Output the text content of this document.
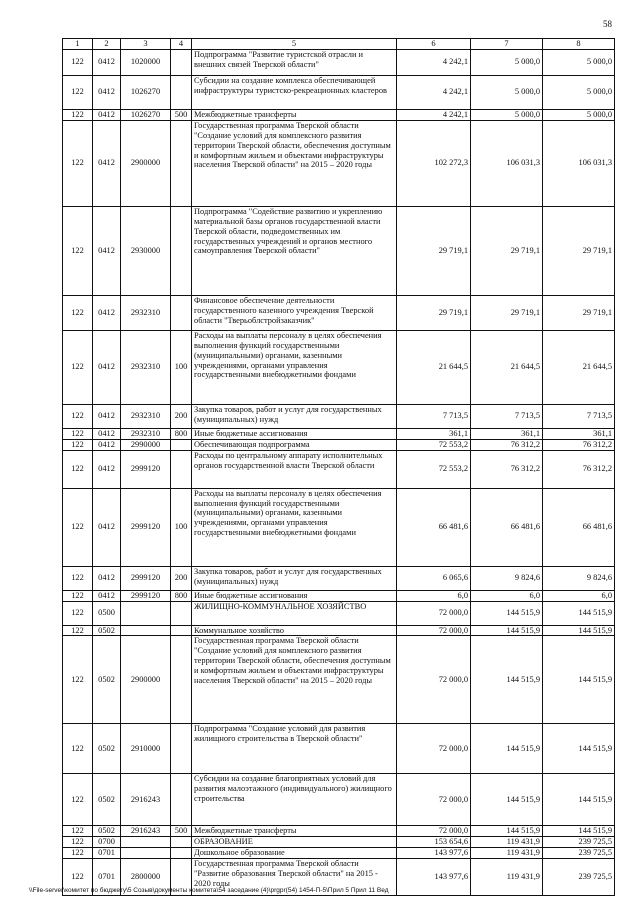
58
1	2	3	4	5	6	7	8
122	0412	1020000		Подпрограмма "Развитие туристской отрасли и внешних связей Тверской области"	4 242,1	5 000,0	5 000,0
122	0412	1026270		Субсидии на создание комплекса обеспечивающей инфраструктуры туристско-рекреационных кластеров	4 242,1	5 000,0	5 000,0
122	0412	1026270	500	Межбюджетные трансферты	4 242,1	5 000,0	5 000,0
122	0412	2900000		Государственная программа Тверской области "Создание условий для комплексного развития территории Тверской области, обеспечения доступным и комфортным жильем и объектами инфраструктуры населения Тверской области" на 2015 – 2020 годы	102 272,3	106 031,3	106 031,3
122	0412	2930000		Подпрограмма "Содействие развитию и укреплению материальной базы органов государственной власти Тверской области, подведомственных им государственных учреждений и органов местного самоуправления Тверской области"	29 719,1	29 719,1	29 719,1
122	0412	2932310		Финансовое обеспечение деятельности государственного казенного учреждения Тверской области "Тверьоблстройзаказчик"	29 719,1	29 719,1	29 719,1
122	0412	2932310	100	Расходы на выплаты персоналу в целях обеспечения выполнения функций государственными (муниципальными) органами, казенными учреждениями, органами управления государственными внебюджетными фондами	21 644,5	21 644,5	21 644,5
122	0412	2932310	200	Закупка товаров, работ и услуг для государственных (муниципальных) нужд	7 713,5	7 713,5	7 713,5
122	0412	2932310	800	Иные бюджетные ассигнования	361,1	361,1	361,1
122	0412	2990000		Обеспечивающая подпрограмма	72 553,2	76 312,2	76 312,2
122	0412	2999120		Расходы по центральному аппарату исполнительных органов государственной власти Тверской области	72 553,2	76 312,2	76 312,2
122	0412	2999120	100	Расходы на выплаты персоналу в целях обеспечения выполнения функций государственными (муниципальными) органами, казенными учреждениями, органами управления государственными внебюджетными фондами	66 481,6	66 481,6	66 481,6
122	0412	2999120	200	Закупка товаров, работ и услуг для государственных (муниципальных) нужд	6 065,6	9 824,6	9 824,6
122	0412	2999120	800	Иные бюджетные ассигнования	6,0	6,0	6,0
122	0500			ЖИЛИЩНО-КОММУНАЛЬНОЕ ХОЗЯЙСТВО	72 000,0	144 515,9	144 515,9
122	0502			Коммунальное хозяйство	72 000,0	144 515,9	144 515,9
122	0502	2900000		Государственная программа Тверской области "Создание условий для комплексного развития территории Тверской области, обеспечения доступным и комфортным жильем и объектами инфраструктуры населения Тверской области" на 2015 – 2020 годы	72 000,0	144 515,9	144 515,9
122	0502	2910000		Подпрограмма "Создание условий для развития жилищного строительства в Тверской области"	72 000,0	144 515,9	144 515,9
122	0502	2916243		Субсидии на создание благоприятных условий для развития малоэтажного (индивидуального) жилищного строительства	72 000,0	144 515,9	144 515,9
122	0502	2916243	500	Межбюджетные трансферты	72 000,0	144 515,9	144 515,9
122	0700			ОБРАЗОВАНИЕ	153 654,6	119 431,9	239 725,5
122	0701			Дошкольное образование	143 977,6	119 431,9	239 725,5
122	0701	2800000		Государственная программа Тверской области "Развитие образования Тверской области" на 2015 - 2020 годы	143 977,6	119 431,9	239 725,5
\\File-server\комитет по бюджету\5 Созыв\документы комитета\54 заседание (4)\prgpr(54) 1454-П-5\Прил 5 Прил 11 Вед
